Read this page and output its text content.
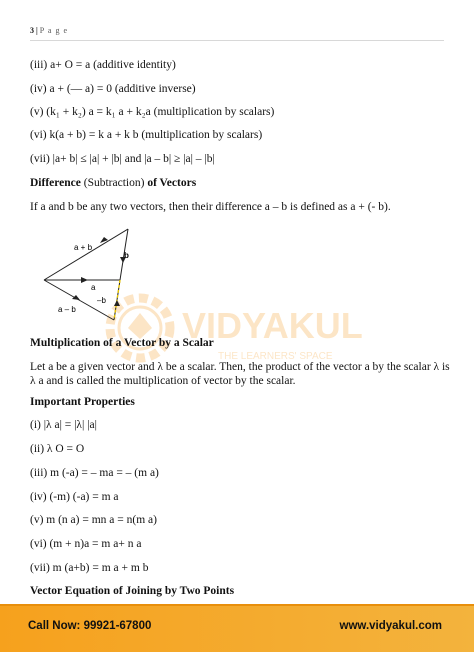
3 | P a g e
(iii) a+ O = a (additive identity)
(iv) a + (— a) = 0 (additive inverse)
(v) (k₁ + k₂) a = k₁ a + k₂a (multiplication by scalars)
(vi) k(a + b) = k a + k b (multiplication by scalars)
(vii) |a+ b| ≤ |a| + |b| and |a – b| ≥ |a| – |b|
Difference (Subtraction) of Vectors
If a and b be any two vectors, then their difference a – b is defined as a + (- b).
VIDYAKUL
THE LEARNERS' SPACE
a + b
b
a
–b
a – b
Multiplication of a Vector by a Scalar
Let a be a given vector and λ be a scalar. Then, the product of the vector a by the scalar λ is λ a and is called the multiplication of vector by the scalar.
Important Properties
(i) |λ a| = |λ| |a|
(ii) λ O = O
(iii) m (-a) = – ma = – (m a)
(iv) (-m) (-a) = m a
(v) m (n a) = mn a = n(m a)
(vi) (m + n)a = m a+ n a
(vii) m (a+b) = m a + m b
Vector Equation of Joining by Two Points
Call Now: 99921-67800	www.vidyakul.com
